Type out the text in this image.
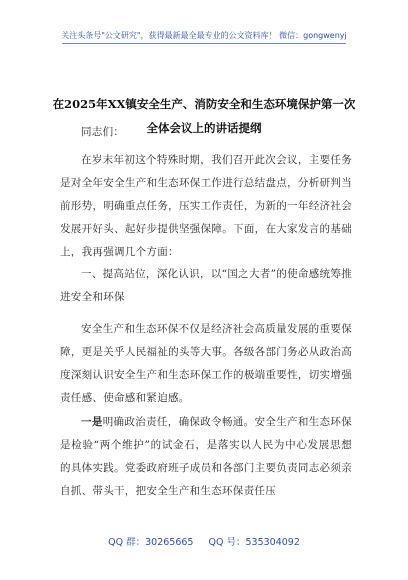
关注头条号"公文研究"，获得最新最全最专业的公文资料库！ 微信：gongwenyj
在2025年XX镇安全生产、消防安全和生态环境保护第一次
全体会议上的讲话提纲
同志们：
在岁末年初这个特殊时期，我们召开此次会议，主要任务是对全年安全生产和生态环保工作进行总结盘点，分析研判当前形势，明确重点任务，压实工作责任，为新的一年经济社会发展开好头、起好步提供坚强保障。下面，在大家发言的基础上，我再强调几个方面：
一、提高站位，深化认识，以“国之大者”的使命感统筹推进安全和环保
安全生产和生态环保不仅是经济社会高质量发展的重要保障，更是关乎人民福祉的头等大事。各级各部门务必从政治高度深刻认识安全生产和生态环保工作的极端重要性，切实增强责任感、使命感和紧迫感。
一是明确政治责任，确保政令畅通。安全生产和生态环保是检验“两个维护”的试金石，是落实以人民为中心发展思想的具体实践。党委政府班子成员和各部门主要负责同志必须亲自抓、带头干，把安全生产和生态环保责任压
QQ 群：30265665 QQ 号：535304092
